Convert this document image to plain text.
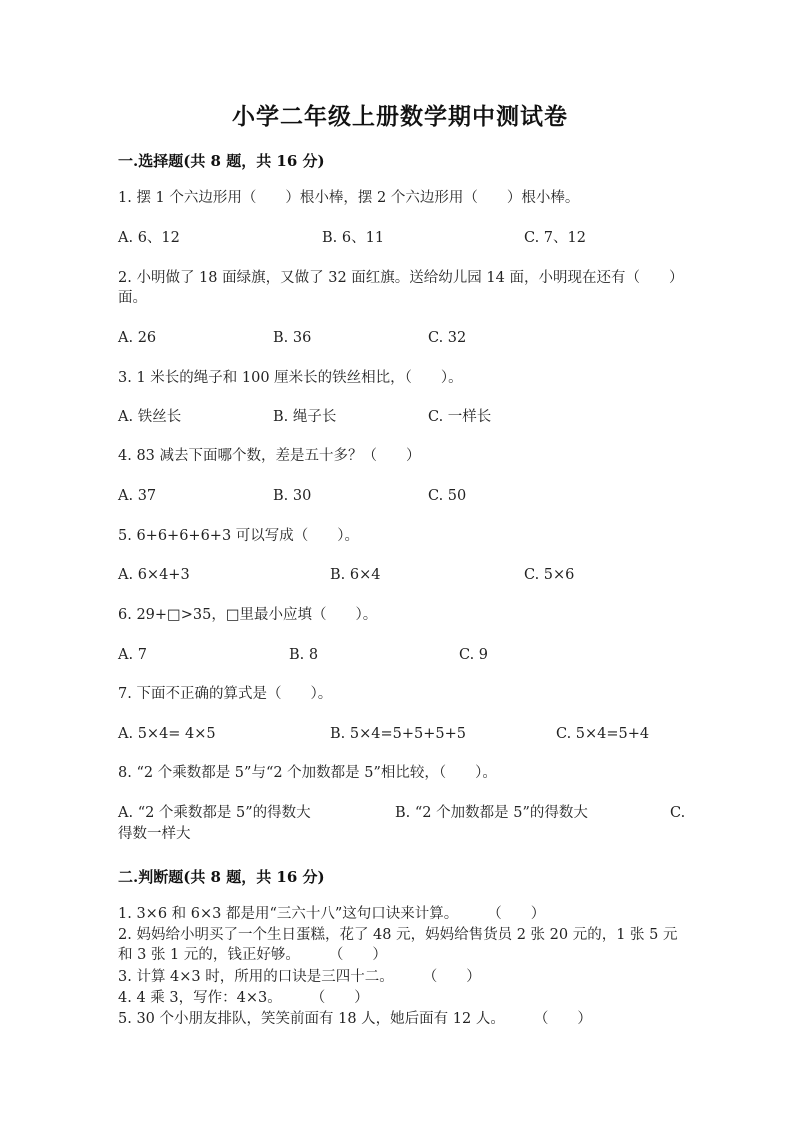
小学二年级上册数学期中测试卷
一.选择题(共 8 题，共 16 分)
1. 摆 1 个六边形用（　　）根小棒，摆 2 个六边形用（　　）根小棒。
A. 6、12	B. 6、11	C. 7、12
2. 小明做了 18 面绿旗，又做了 32 面红旗。送给幼儿园 14 面，小明现在还有（　　）面。
A. 26	B. 36	C. 32
3. 1 米长的绳子和 100 厘米长的铁丝相比，（　　）。
A. 铁丝长	B. 绳子长	C. 一样长
4. 83 减去下面哪个数，差是五十多？（　　）
A. 37	B. 30	C. 50
5. 6+6+6+6+3 可以写成（　　）。
A. 6×4+3	B. 6×4	C. 5×6
6. 29+□>35，□里最小应填（　　）。
A. 7	B. 8	C. 9
7. 下面不正确的算式是（　　）。
A. 5×4= 4×5	B. 5×4=5+5+5+5	C. 5×4=5+4
8. “2 个乘数都是 5”与“2 个加数都是 5”相比较，（　　）。
A. “2 个乘数都是 5”的得数大	B. “2 个加数都是 5”的得数大	C.
得数一样大
二.判断题(共 8 题，共 16 分)
1. 3×6 和 6×3 都是用“三六十八”这句口诀来计算。　　　（　　）
2. 妈妈给小明买了一个生日蛋糕，花了 48 元，妈妈给售货员 2 张 20 元的，1 张 5 元和 3 张 1 元的，钱正好够。　　　（　　）
3. 计算 4×3 时，所用的口诀是三四十二。　　　（　　）
4. 4 乘 3，写作：4×3。　　　（　　）
5. 30 个小朋友排队，笑笑前面有 18 人，她后面有 12 人。　　　（　　）
